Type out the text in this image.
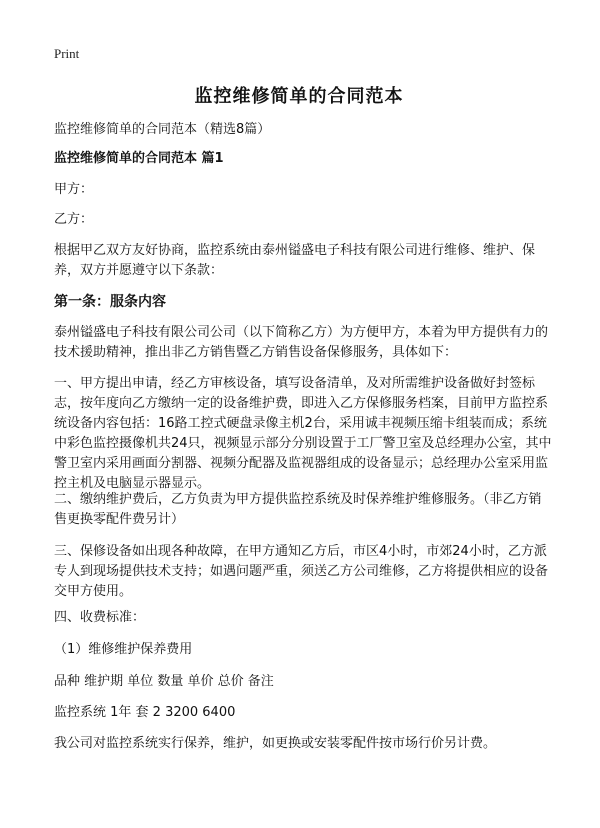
Print
监控维修简单的合同范本

监控维修简单的合同范本（精选8篇）

监控维修简单的合同范本 篇1

甲方：

乙方：

根据甲乙双方友好协商，监控系统由泰州镒盛电子科技有限公司进行维修、维护、保养，双方并愿遵守以下条款：

第一条：服条内容

泰州镒盛电子科技有限公司公司（以下简称乙方）为方便甲方，本着为甲方提供有力的技术援助精神，推出非乙方销售暨乙方销售设备保修服务，具体如下：

一、甲方提出申请，经乙方审核设备，填写设备清单，及对所需维护设备做好封签标志，按年度向乙方缴纳一定的设备维护费，即进入乙方保修服务档案，目前甲方监控系统设备内容包括：16路工控式硬盘录像主机2台，采用诚丰视频压缩卡组装而成；系统中彩色监控摄像机共24只，视频显示部分分别设置于工厂警卫室及总经理办公室，其中警卫室内采用画面分割器、视频分配器及监视器组成的设备显示；总经理办公室采用监控主机及电脑显示器显示。

二、缴纳维护费后，乙方负责为甲方提供监控系统及时保养维护维修服务。（非乙方销售更换零配件费另计）

三、保修设备如出现各种故障，在甲方通知乙方后，市区4小时，市郊24小时，乙方派专人到现场提供技术支持；如遇问题严重，须送乙方公司维修，乙方将提供相应的设备交甲方使用。

四、收费标准：

（1）维修维护保养费用

品种 维护期 单位 数量 单价 总价 备注

监控系统 1年 套 2 3200 6400

我公司对监控系统实行保养，维护，如更换或安装零配件按市场行价另计费。
